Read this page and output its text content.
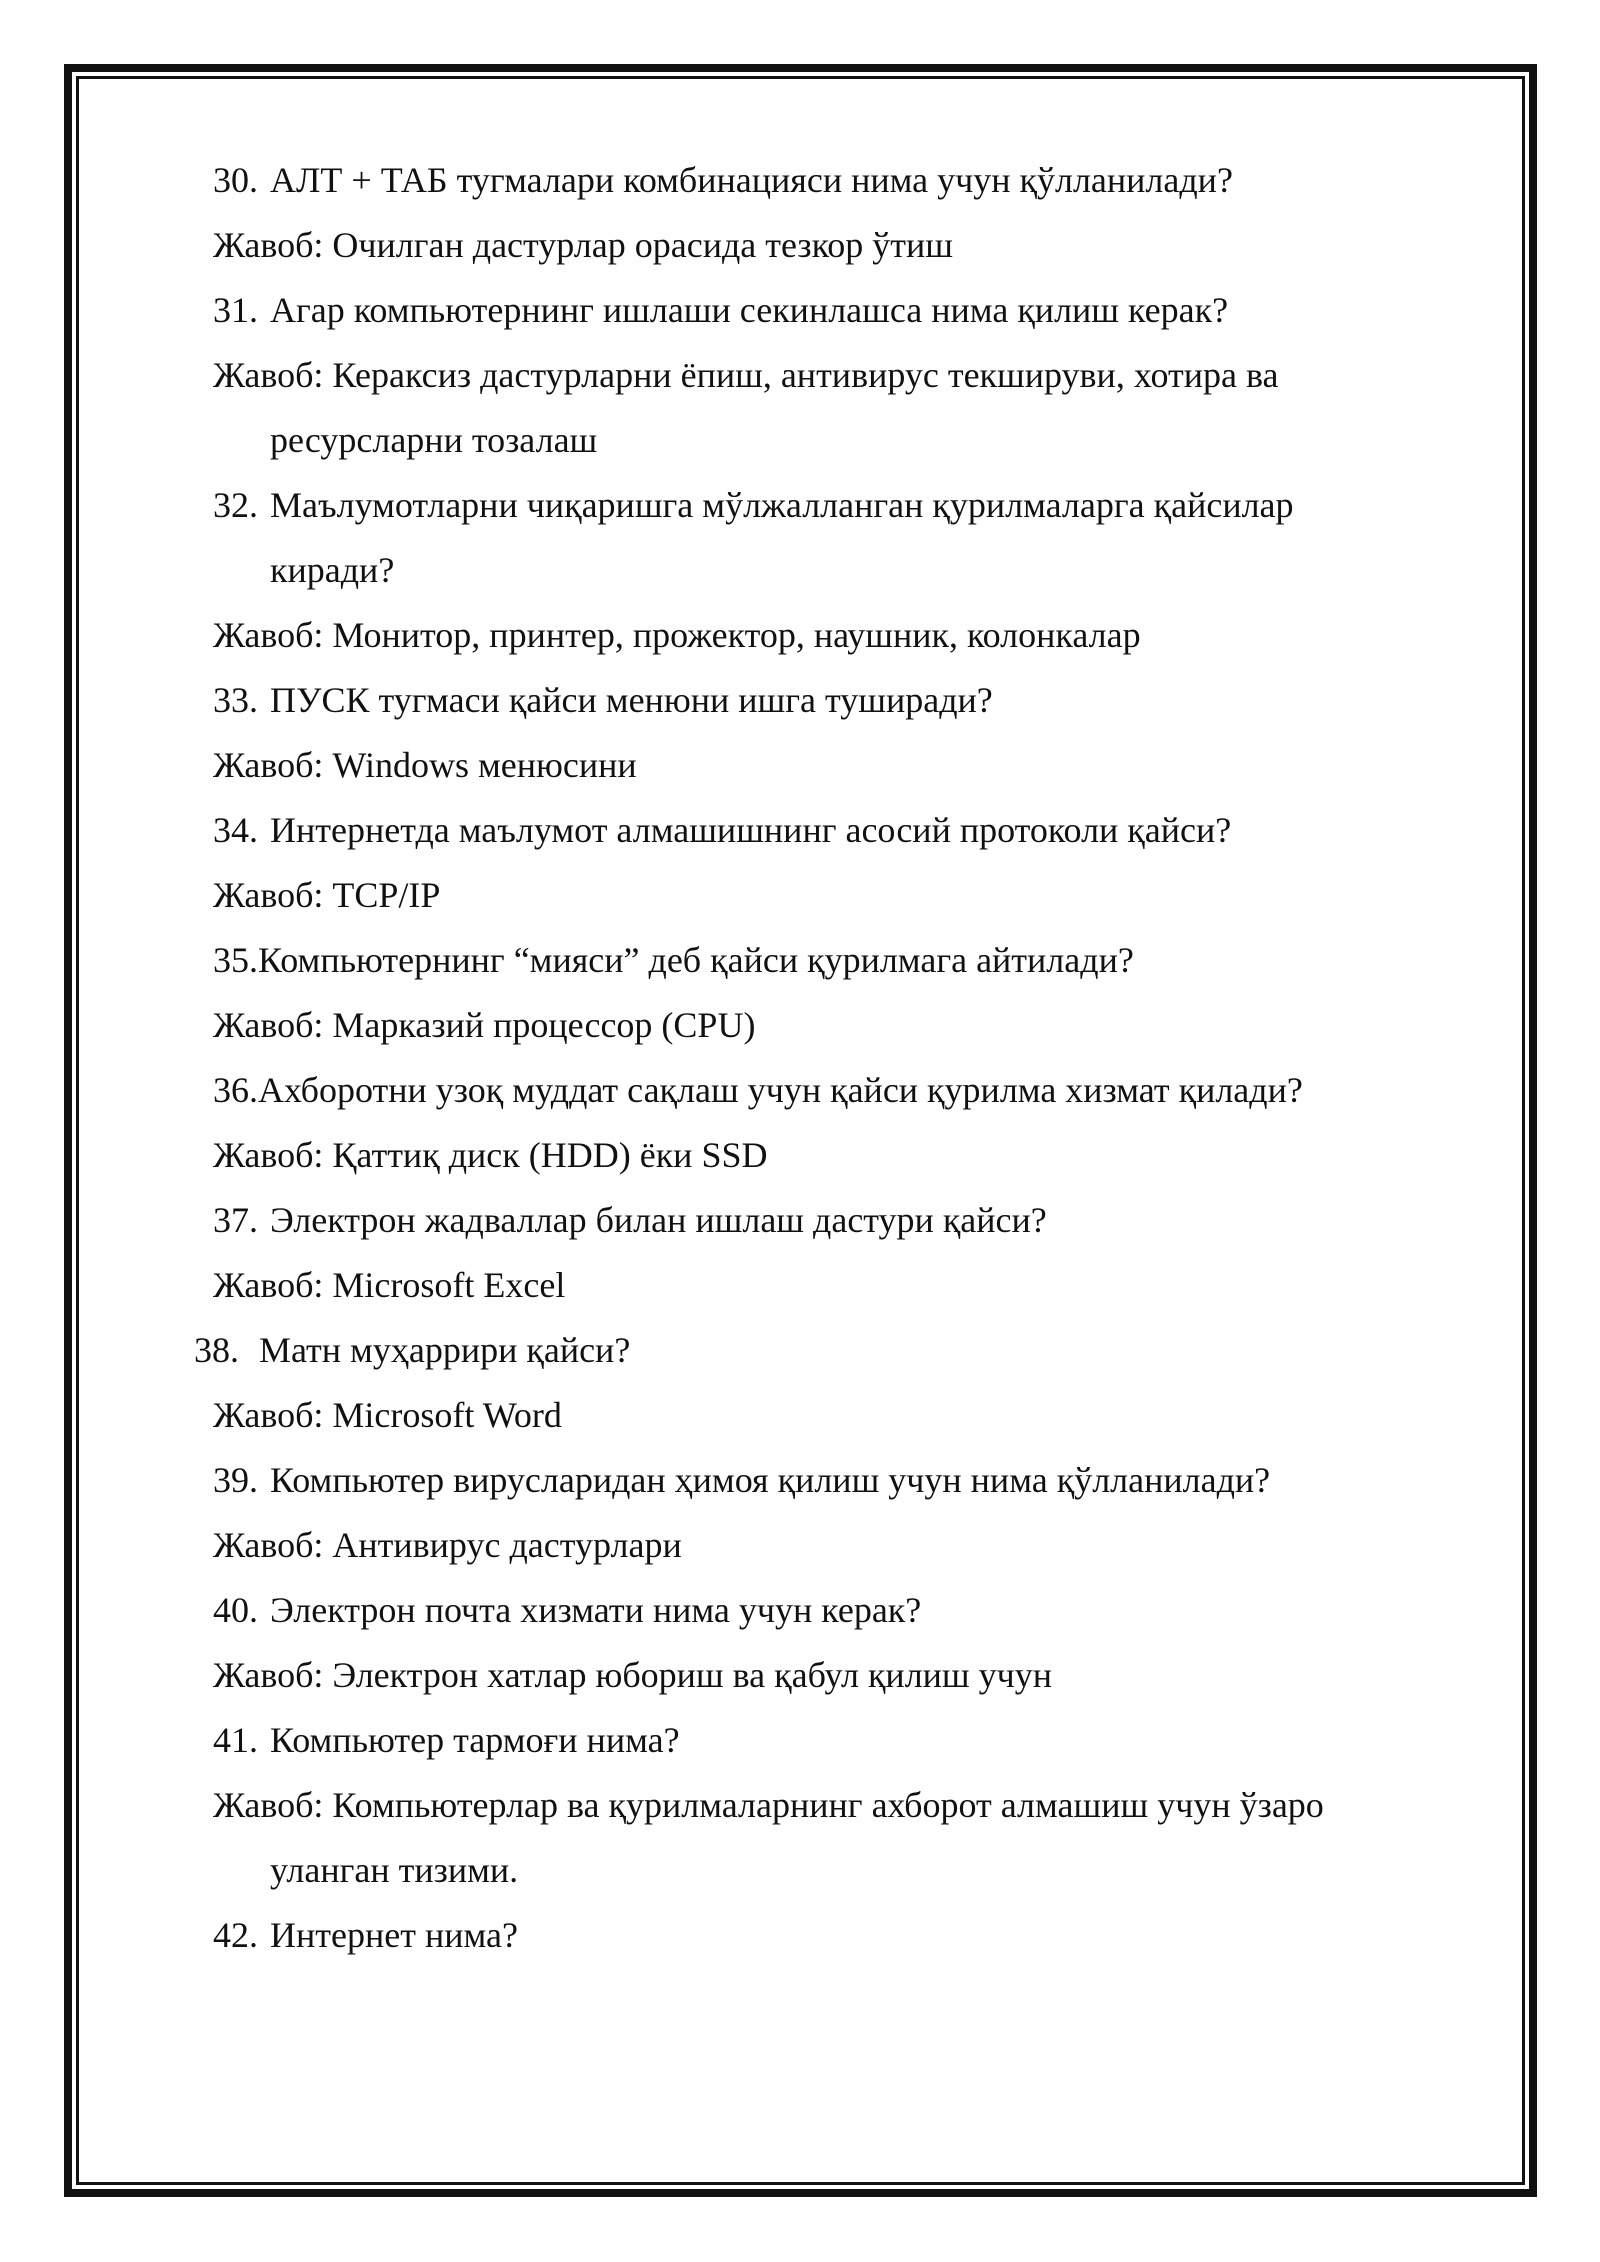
30. АЛТ + ТАБ тугмалари комбинацияси нима учун қўлланилади?
Жавоб: Очилган дастурлар орасида тезкор ўтиш
31. Агар компьютернинг ишлаши секинлашса нима қилиш керак?
Жавоб: Кераксиз дастурларни ёпиш, антивирус текшируви, хотира ва
ресурсларни тозалаш
32. Маълумотларни чиқаришга мўлжалланган қурилмаларга қайсилар
киради?
Жавоб: Монитор, принтер, прожектор, наушник, колонкалар
33. ПУСК тугмаси қайси менюни ишга туширади?
Жавоб: Windows менюсини
34. Интернетда маълумот алмашишнинг асосий протоколи қайси?
Жавоб: TCP/IP
35.Компьютернинг “мияси” деб қайси қурилмага айтилади?
Жавоб: Марказий процессор (CPU)
36.Ахборотни узоқ муддат сақлаш учун қайси қурилма хизмат қилади?
Жавоб: Қаттиқ диск (HDD) ёки SSD
37. Электрон жадваллар билан ишлаш дастури қайси?
Жавоб: Microsoft Excel
38. Матн муҳаррири қайси?
Жавоб: Microsoft Word
39. Компьютер вирусларидан ҳимоя қилиш учун нима қўлланилади?
Жавоб: Антивирус дастурлари
40. Электрон почта хизмати нима учун керак?
Жавоб: Электрон хатлар юбориш ва қабул қилиш учун
41. Компьютер тармоғи нима?
Жавоб: Компьютерлар ва қурилмаларнинг ахборот алмашиш учун ўзаро
уланган тизими.
42. Интернет нима?
